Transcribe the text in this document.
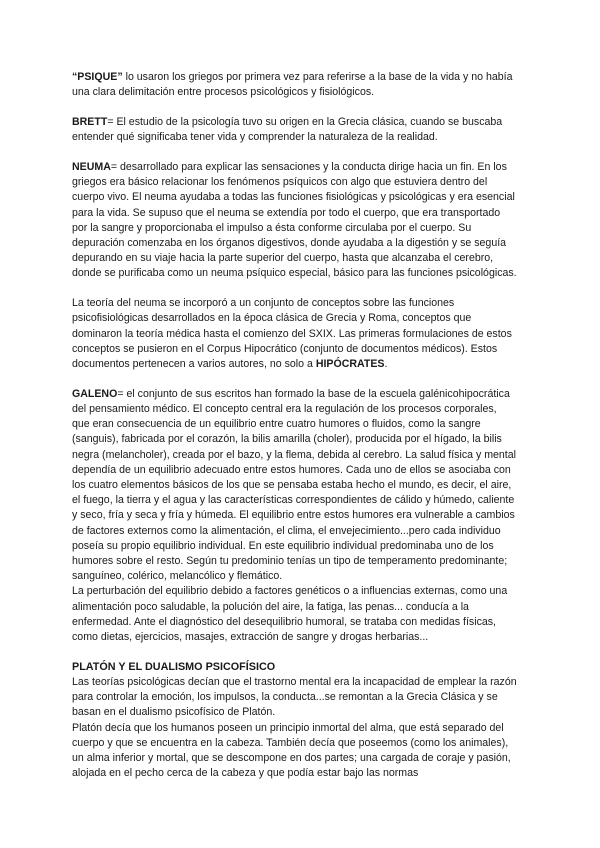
“PSIQUE” lo usaron los griegos por primera vez para referirse a la base de la vida y no había una clara delimitación entre procesos psicológicos y fisiológicos.

BRETT= El estudio de la psicología tuvo su origen en la Grecia clásica, cuando se buscaba entender qué significaba tener vida y comprender la naturaleza de la realidad.

NEUMA= desarrollado para explicar las sensaciones y la conducta dirige hacia un fin. En los griegos era básico relacionar los fenómenos psíquicos con algo que estuviera dentro del cuerpo vivo. El neuma ayudaba a todas las funciones fisiológicas y psicológicas y era esencial para la vida. Se supuso que el neuma se extendía por todo el cuerpo, que era transportado por la sangre y proporcionaba el impulso a ésta conforme circulaba por el cuerpo. Su depuración comenzaba en los órganos digestivos, donde ayudaba a la digestión y se seguía depurando en su viaje hacia la parte superior del cuerpo, hasta que alcanzaba el cerebro, donde se purificaba como un neuma psíquico especial, básico para las funciones psicológicas.

La teoría del neuma se incorporó a un conjunto de conceptos sobre las funciones psicofisiológicas desarrollados en la época clásica de Grecia y Roma, conceptos que dominaron la teoría médica hasta el comienzo del SXIX. Las primeras formulaciones de estos conceptos se pusieron en el Corpus Hipocrático (conjunto de documentos médicos). Estos documentos pertenecen a varios autores, no solo a HIPÓCRATES.

GALENO= el conjunto de sus escritos han formado la base de la escuela galénicohipocrática del pensamiento médico. El concepto central era la regulación de los procesos corporales, que eran consecuencia de un equilibrio entre cuatro humores o fluidos, como la sangre (sanguis), fabricada por el corazón, la bilis amarilla (choler), producida por el hígado, la bilis negra (melancholer), creada por el bazo, y la flema, debida al cerebro. La salud física y mental dependía de un equilibrio adecuado entre estos humores. Cada uno de ellos se asociaba con los cuatro elementos básicos de los que se pensaba estaba hecho el mundo, es decir, el aire, el fuego, la tierra y el agua y las características correspondientes de cálido y húmedo, caliente y seco, fría y seca y fría y húmeda. El equilibrio entre estos humores era vulnerable a cambios de factores externos como la alimentación, el clima, el envejecimiento...pero cada individuo poseía su propio equilibrio individual. En este equilibrio individual predominaba uno de los humores sobre el resto. Según tu predominio tenías un tipo de temperamento predominante; sanguíneo, colérico, melancólico y flemático.

La perturbación del equilibrio debido a factores genéticos o a influencias externas, como una alimentación poco saludable, la polución del aire, la fatiga, las penas... conducía a la enfermedad. Ante el diagnóstico del desequilibrio humoral, se trataba con medidas físicas, como dietas, ejercicios, masajes, extracción de sangre y drogas herbarias...

PLATÓN Y EL DUALISMO PSICOFÍSICO

Las teorías psicológicas decían que el trastorno mental era la incapacidad de emplear la razón para controlar la emoción, los impulsos, la conducta...se remontan a la Grecia Clásica y se basan en el dualismo psicofísico de Platón.

Platón decía que los humanos poseen un principio inmortal del alma, que está separado del cuerpo y que se encuentra en la cabeza. También decía que poseemos (como los animales), un alma inferior y mortal, que se descompone en dos partes; una cargada de coraje y pasión, alojada en el pecho cerca de la cabeza y que podía estar bajo las normas
